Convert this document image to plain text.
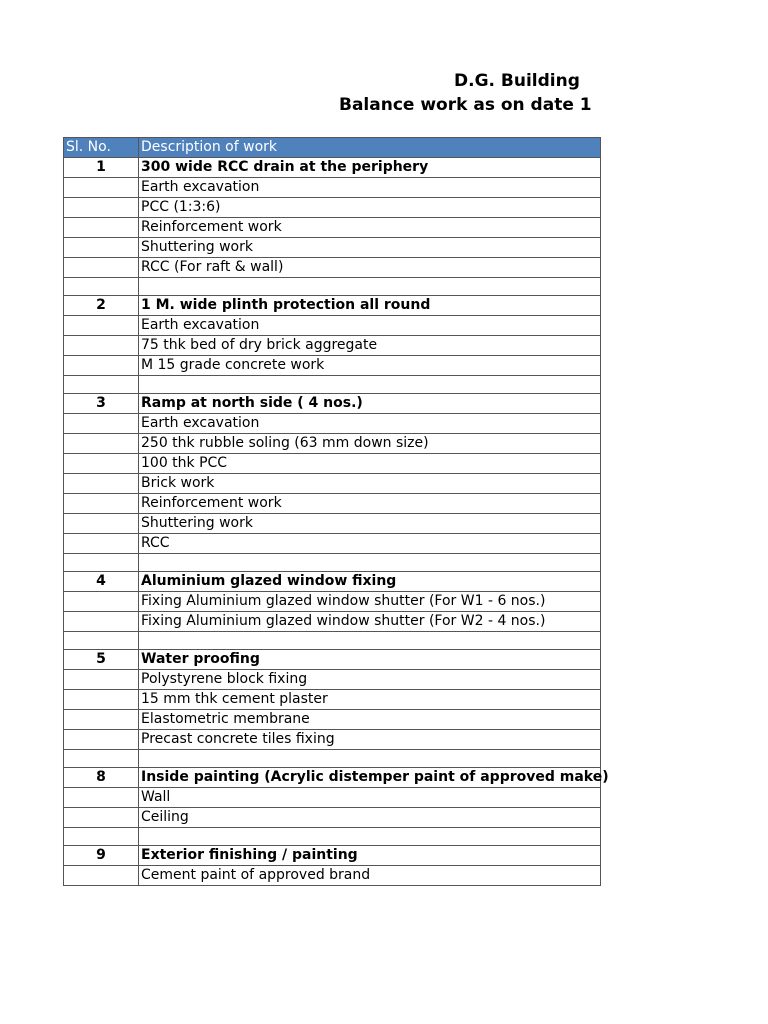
D.G. Building
Balance work as on date 1
Sl. No.	Description of work
1	300 wide RCC drain at the periphery
	Earth excavation
	PCC (1:3:6)
	Reinforcement work
	Shuttering work
	RCC (For raft & wall)

2	1 M. wide plinth protection all round
	Earth excavation
	75 thk bed of dry brick aggregate
	M 15 grade concrete work

3	Ramp at north side ( 4 nos.)
	Earth excavation
	250 thk rubble soling (63 mm down size)
	100 thk PCC
	Brick work
	Reinforcement work
	Shuttering work
	RCC

4	Aluminium glazed window fixing
	Fixing Aluminium glazed window shutter (For W1 - 6 nos.)
	Fixing Aluminium glazed window shutter (For W2 - 4 nos.)

5	Water proofing
	Polystyrene block fixing
	15 mm thk cement plaster
	Elastometric membrane
	Precast concrete tiles fixing

8	Inside painting (Acrylic distemper paint of approved make)
	Wall
	Ceiling

9	Exterior finishing / painting
	Cement paint of approved brand
